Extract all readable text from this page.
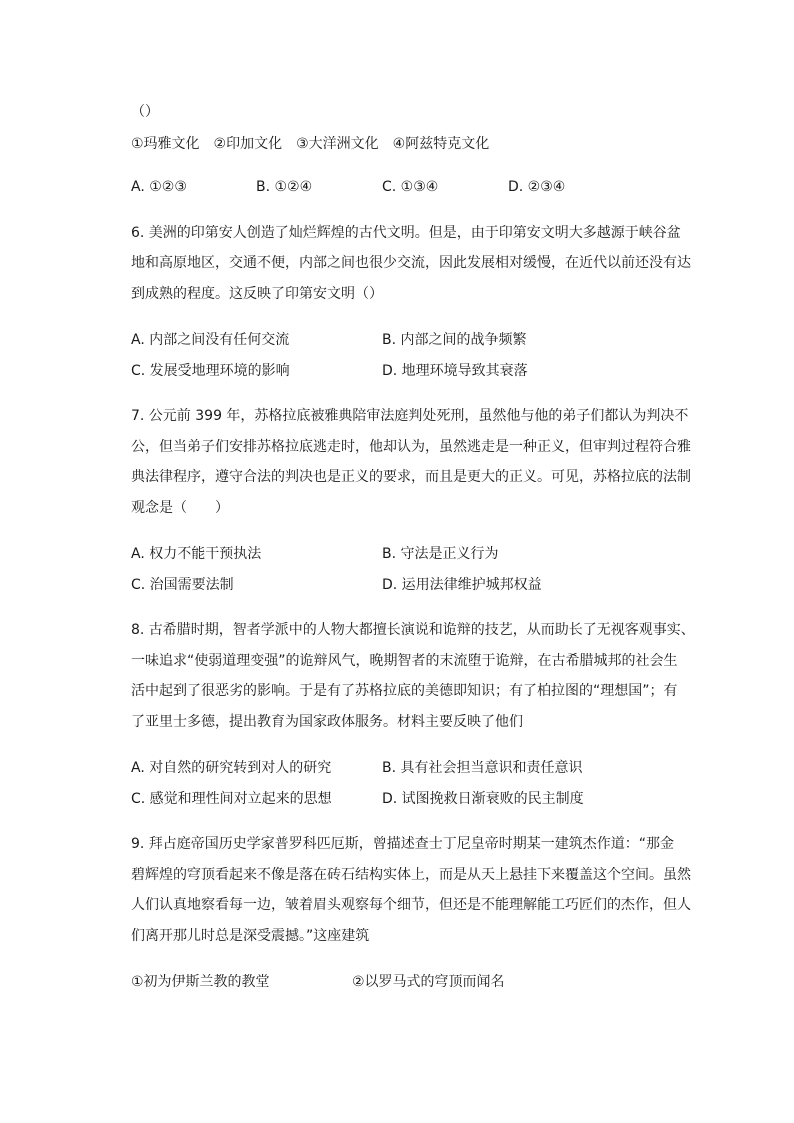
（）
①玛雅文化　②印加文化　③大洋洲文化　④阿兹特克文化
A. ①②③	B. ①②④	C. ①③④	D. ②③④
6. 美洲的印第安人创造了灿烂辉煌的古代文明。但是，由于印第安文明大多越源于峡谷盆
地和高原地区，交通不便，内部之间也很少交流，因此发展相对缓慢，在近代以前还没有达
到成熟的程度。这反映了印第安文明（）
A. 内部之间没有任何交流	B. 内部之间的战争频繁
C. 发展受地理环境的影响	D. 地理环境导致其衰落
7. 公元前 399 年，苏格拉底被雅典陪审法庭判处死刑，虽然他与他的弟子们都认为判决不
公，但当弟子们安排苏格拉底逃走时，他却认为，虽然逃走是一种正义，但审判过程符合雅
典法律程序，遵守合法的判决也是正义的要求，而且是更大的正义。可见，苏格拉底的法制
观念是（　　）
A. 权力不能干预执法	B. 守法是正义行为
C. 治国需要法制	D. 运用法律维护城邦权益
8. 古希腊时期，智者学派中的人物大都擅长演说和诡辩的技艺，从而助长了无视客观事实、
一味追求“使弱道理变强”的诡辩风气，晚期智者的末流堕于诡辩，在古希腊城邦的社会生
活中起到了很恶劣的影响。于是有了苏格拉底的美德即知识；有了柏拉图的“理想国”；有
了亚里士多德，提出教育为国家政体服务。材料主要反映了他们
A. 对自然的研究转到对人的研究	B. 具有社会担当意识和责任意识
C. 感觉和理性间对立起来的思想	D. 试图挽救日渐衰败的民主制度
9. 拜占庭帝国历史学家普罗科匹厄斯，曾描述查士丁尼皇帝时期某一建筑杰作道：“那金
碧辉煌的穹顶看起来不像是落在砖石结构实体上，而是从天上悬挂下来覆盖这个空间。虽然
人们认真地察看每一边，皱着眉头观察每个细节，但还是不能理解能工巧匠们的杰作，但人
们离开那儿时总是深受震撼。”这座建筑
①初为伊斯兰教的教堂	②以罗马式的穹顶而闻名
